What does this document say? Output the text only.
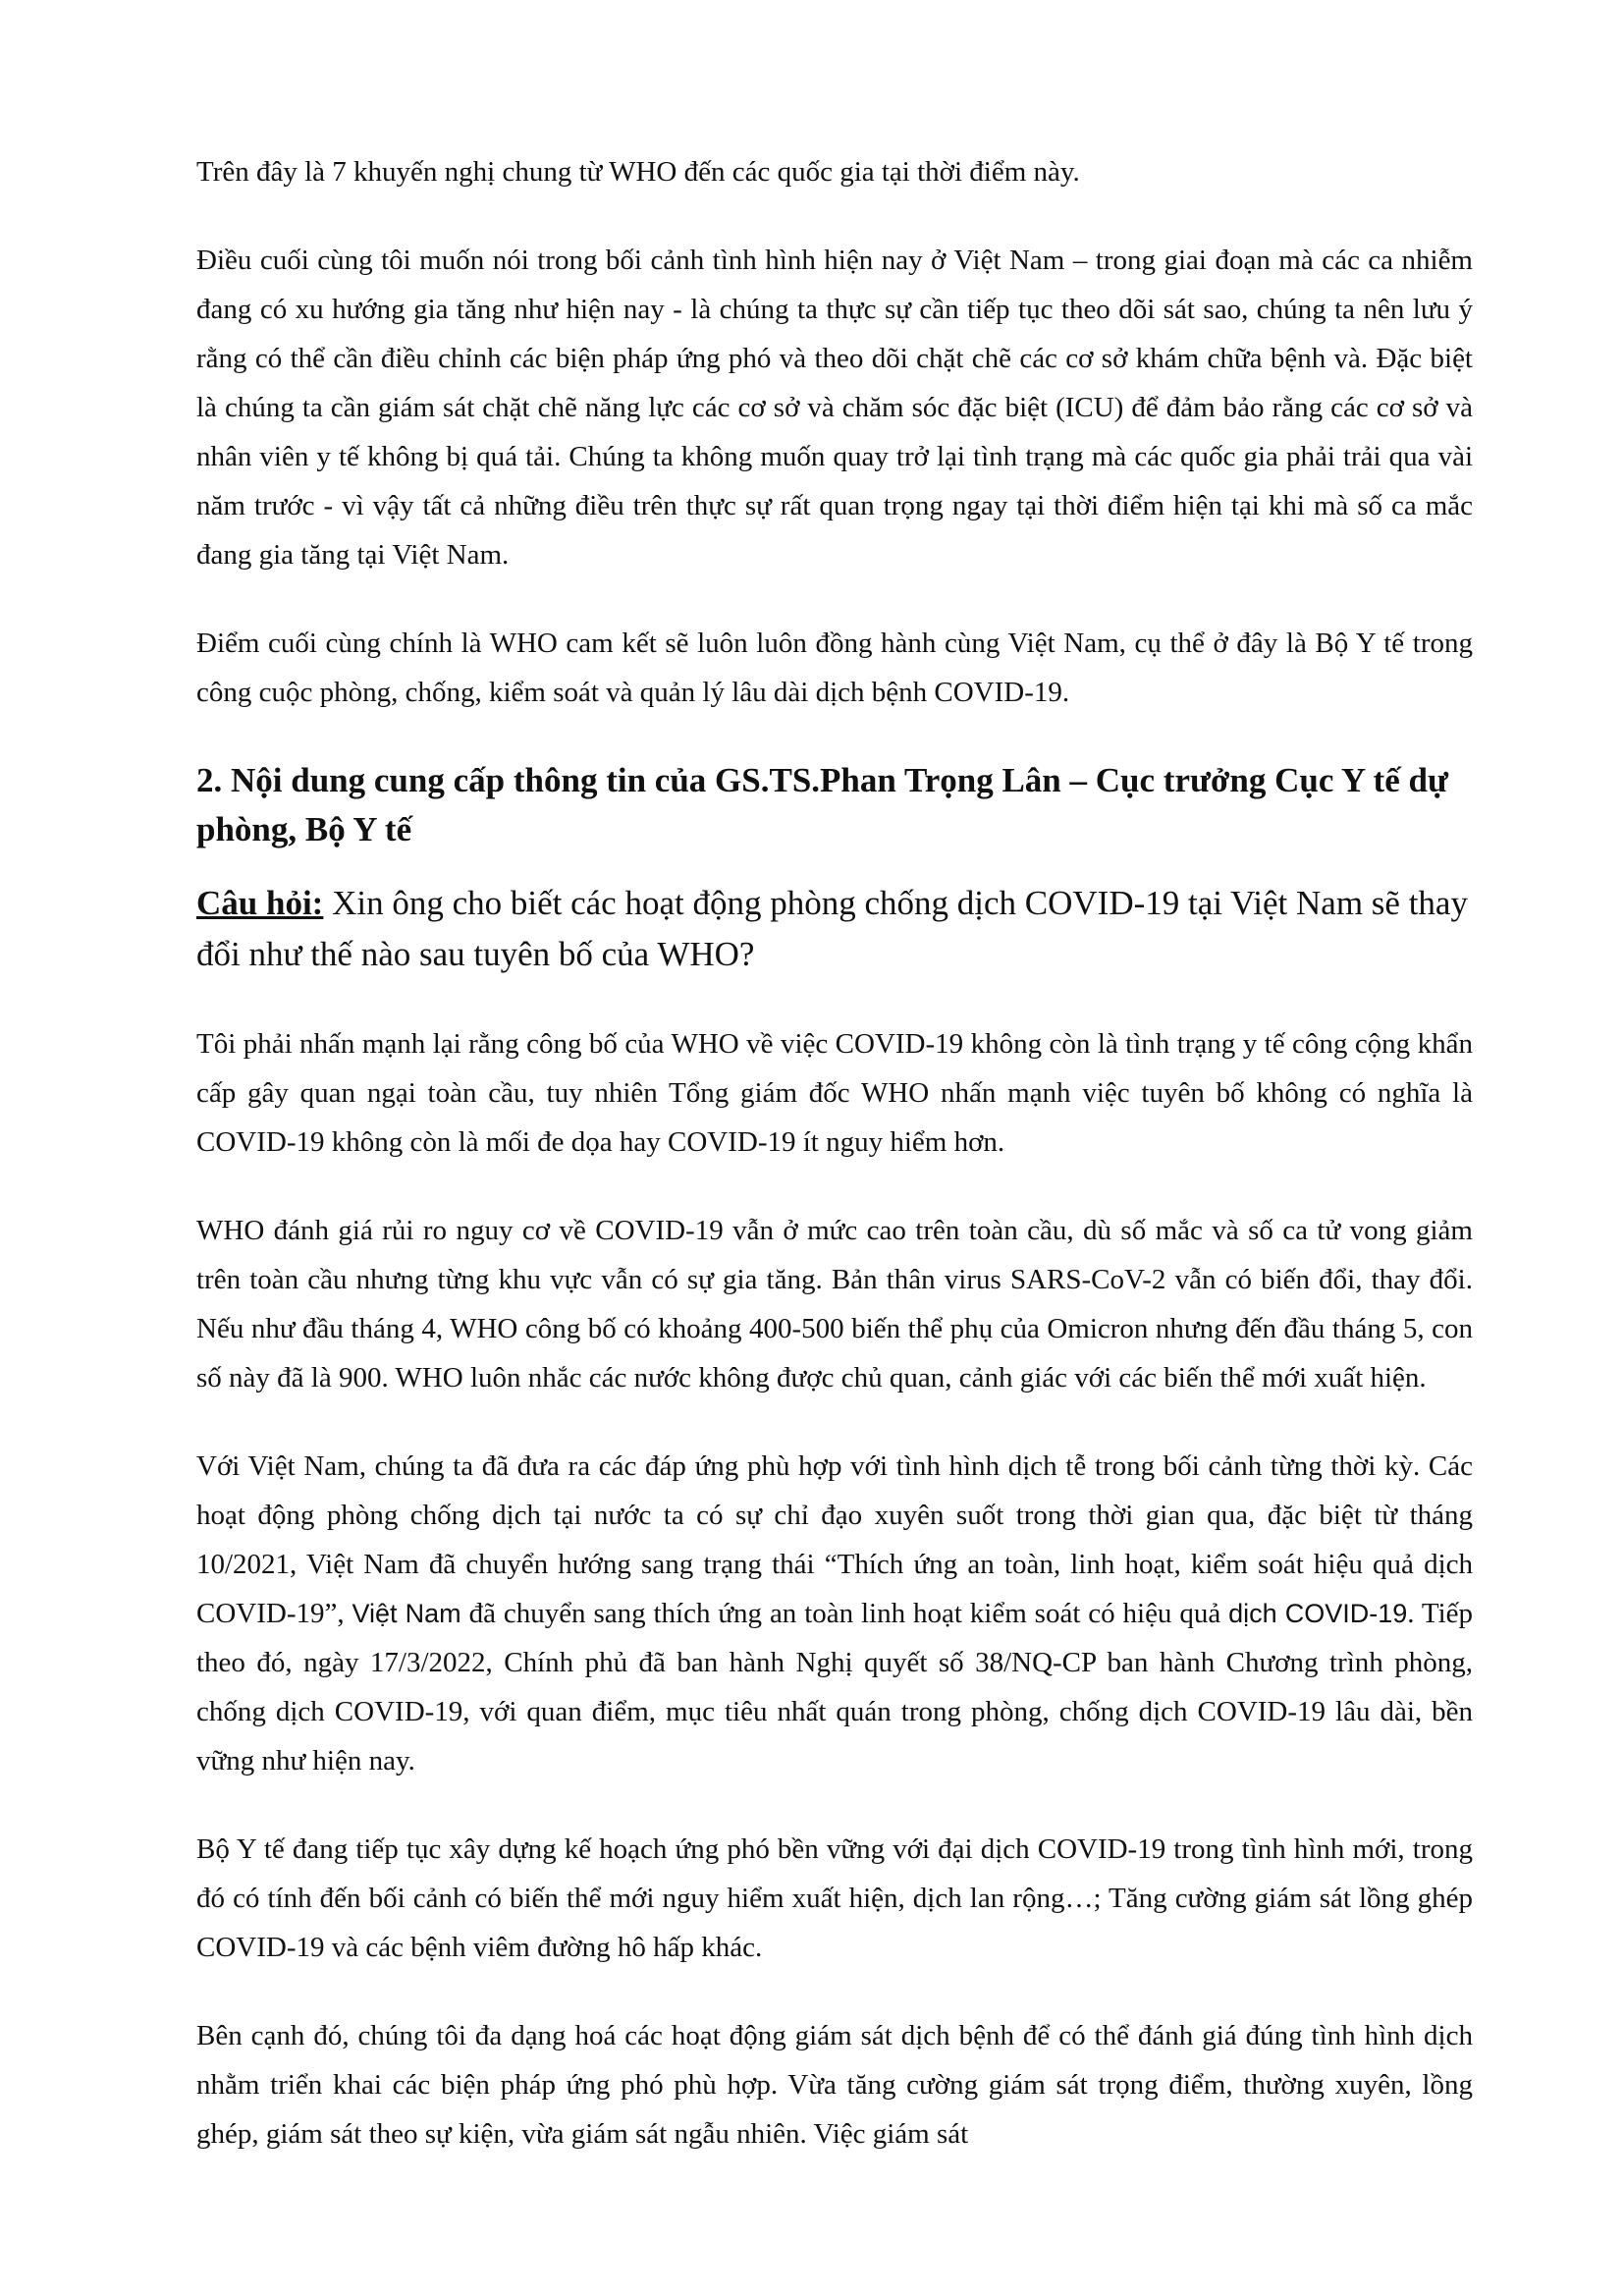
Trên đây là 7 khuyến nghị chung từ WHO đến các quốc gia tại thời điểm này.

Điều cuối cùng tôi muốn nói trong bối cảnh tình hình hiện nay ở Việt Nam – trong giai đoạn mà các ca nhiễm đang có xu hướng gia tăng như hiện nay - là chúng ta thực sự cần tiếp tục theo dõi sát sao, chúng ta nên lưu ý rằng có thể cần điều chỉnh các biện pháp ứng phó và theo dõi chặt chẽ các cơ sở khám chữa bệnh và. Đặc biệt là chúng ta cần giám sát chặt chẽ năng lực các cơ sở và chăm sóc đặc biệt (ICU) để đảm bảo rằng các cơ sở và nhân viên y tế không bị quá tải. Chúng ta không muốn quay trở lại tình trạng mà các quốc gia phải trải qua vài năm trước - vì vậy tất cả những điều trên thực sự rất quan trọng ngay tại thời điểm hiện tại khi mà số ca mắc đang gia tăng tại Việt Nam.

Điểm cuối cùng chính là WHO cam kết sẽ luôn luôn đồng hành cùng Việt Nam, cụ thể ở đây là Bộ Y tế trong công cuộc phòng, chống, kiểm soát và quản lý lâu dài dịch bệnh COVID-19.

2. Nội dung cung cấp thông tin của GS.TS.Phan Trọng Lân – Cục trưởng Cục Y tế dự phòng, Bộ Y tế

Câu hỏi: Xin ông cho biết các hoạt động phòng chống dịch COVID-19 tại Việt Nam sẽ thay đổi như thế nào sau tuyên bố của WHO?

Tôi phải nhấn mạnh lại rằng công bố của WHO về việc COVID-19 không còn là tình trạng y tế công cộng khẩn cấp gây quan ngại toàn cầu, tuy nhiên Tổng giám đốc WHO nhấn mạnh việc tuyên bố không có nghĩa là COVID-19 không còn là mối đe dọa hay COVID-19 ít nguy hiểm hơn.

WHO đánh giá rủi ro nguy cơ về COVID-19 vẫn ở mức cao trên toàn cầu, dù số mắc và số ca tử vong giảm trên toàn cầu nhưng từng khu vực vẫn có sự gia tăng. Bản thân virus SARS-CoV-2 vẫn có biến đổi, thay đổi. Nếu như đầu tháng 4, WHO công bố có khoảng 400-500 biến thể phụ của Omicron nhưng đến đầu tháng 5, con số này đã là 900. WHO luôn nhắc các nước không được chủ quan, cảnh giác với các biến thể mới xuất hiện.

Với Việt Nam, chúng ta đã đưa ra các đáp ứng phù hợp với tình hình dịch tễ trong bối cảnh từng thời kỳ. Các hoạt động phòng chống dịch tại nước ta có sự chỉ đạo xuyên suốt trong thời gian qua, đặc biệt từ tháng 10/2021, Việt Nam đã chuyển hướng sang trạng thái “Thích ứng an toàn, linh hoạt, kiểm soát hiệu quả dịch COVID-19”, Việt Nam đã chuyển sang thích ứng an toàn linh hoạt kiểm soát có hiệu quả dịch COVID-19. Tiếp theo đó, ngày 17/3/2022, Chính phủ đã ban hành Nghị quyết số 38/NQ-CP ban hành Chương trình phòng, chống dịch COVID-19, với quan điểm, mục tiêu nhất quán trong phòng, chống dịch COVID-19 lâu dài, bền vững như hiện nay.

Bộ Y tế đang tiếp tục xây dựng kế hoạch ứng phó bền vững với đại dịch COVID-19 trong tình hình mới, trong đó có tính đến bối cảnh có biến thể mới nguy hiểm xuất hiện, dịch lan rộng…; Tăng cường giám sát lồng ghép COVID-19 và các bệnh viêm đường hô hấp khác.

Bên cạnh đó, chúng tôi đa dạng hoá các hoạt động giám sát dịch bệnh để có thể đánh giá đúng tình hình dịch nhằm triển khai các biện pháp ứng phó phù hợp. Vừa tăng cường giám sát trọng điểm, thường xuyên, lồng ghép, giám sát theo sự kiện, vừa giám sát ngẫu nhiên. Việc giám sát
